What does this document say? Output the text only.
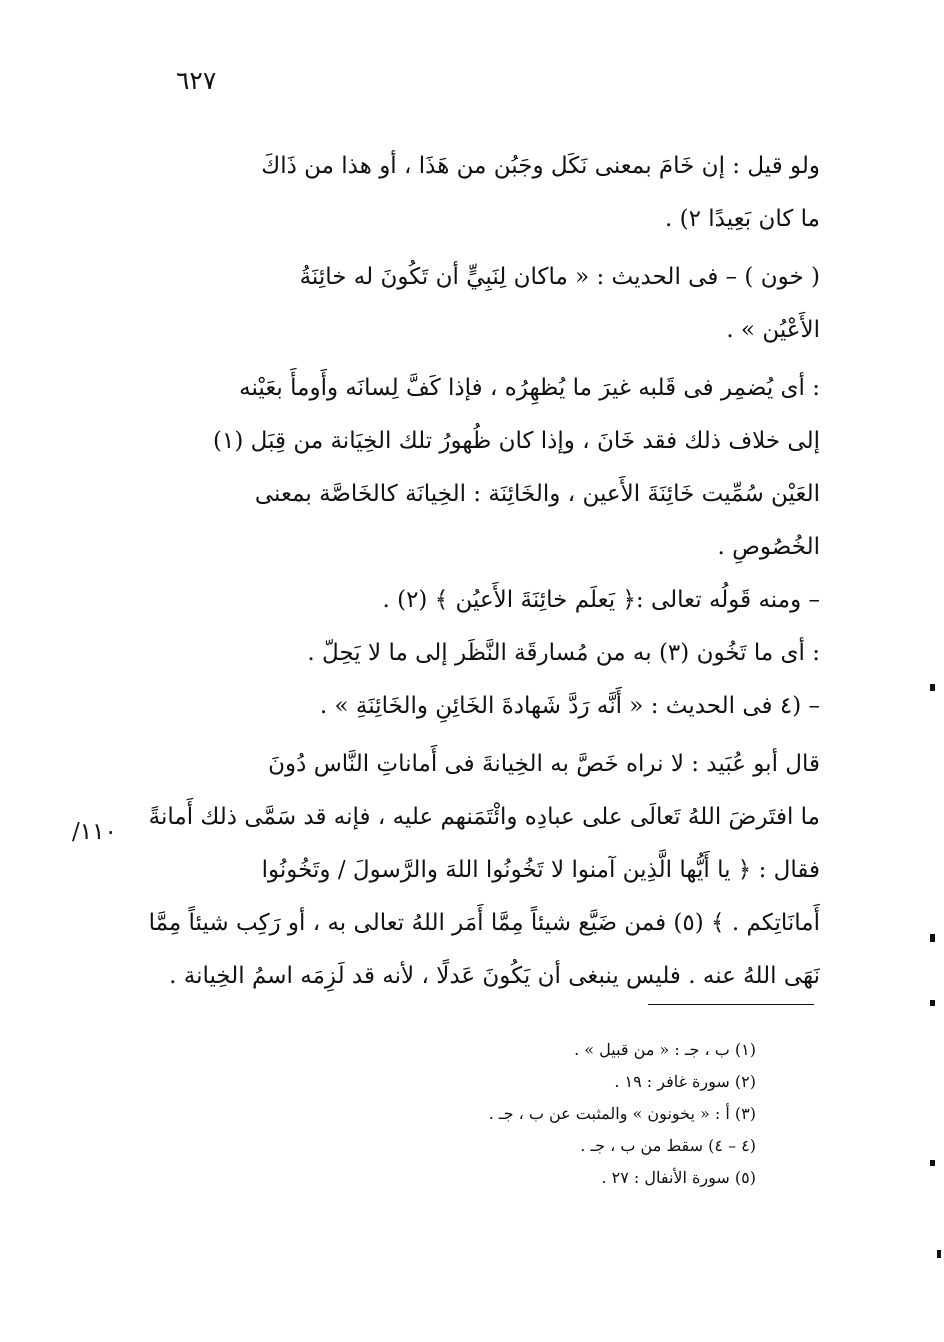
٦٢٧
ولو قيل : إن خَامَ بمعنى نَكَل وجَبُن من هَذَا ، أو هذا من ذَاكَ
ما كان بَعِيدًا ٢) .
( خون ) – فى الحديث : « ماكان لِنَبِيٍّ أن تَكُونَ له خائِنَةُ
الأَعْيُن » .
: أى يُضمِر فى قَلبه غيرَ ما يُظهِرُه ، فإذا كَفَّ لِسانَه وأَومأَ بعَيْنه
إلى خلاف ذلك فقد خَانَ ، وإذا كان ظُهورُ تلك الخِيَانة من قِبَل (١)
العَيْن سُمِّيت خَائِنَةَ الأَعين ، والخَائِنَة : الخِيانَة كالخَاصَّة بمعنى
الخُصُوصِ .
– ومنه قَولُه تعالى :﴿ يَعلَم خائِنَةَ الأَعيُن ﴾ (٢) .
: أى ما تَخُون (٣) به من مُسارقَة النَّظَر إلى ما لا يَحِلّ .
– (٤ فى الحديث : « أَنَّه رَدَّ شَهادةَ الخَائِنِ والخَائِنَةِ » .
قال أبو عُبَيد : لا نراه خَصَّ به الخِيانةَ فى أَماناتِ النَّاس دُونَ
ما افتَرضَ اللهُ تَعالَى على عبادِه وائْتَمَنهم عليه ، فإنه قد سَمَّى ذلك أَمانةً
فقال : ﴿ يا أَيُّها الَّذِين آمنوا لا تَخُونُوا اللهَ والرَّسولَ / وتَخُونُوا
أَمانَاتِكم . ﴾ (٥) فمن ضَيَّع شيئاً مِمَّا أَمَر اللهُ تعالى به ، أو رَكِب شيئاً مِمَّا
نَهَى اللهُ عنه . فليس ينبغى أن يَكُونَ عَدلًا ، لأنه قد لَزِمَه اسمُ الخِيانة .
١١٠/
(١) ب ، جـ : « من قبيل » .
(٢) سورة غافر : ١٩ .
(٣) أ : « يخونون » والمثبت عن ب ، جـ .
(٤ – ٤) سقط من ب ، جـ .
(٥) سورة الأنفال : ٢٧ .
